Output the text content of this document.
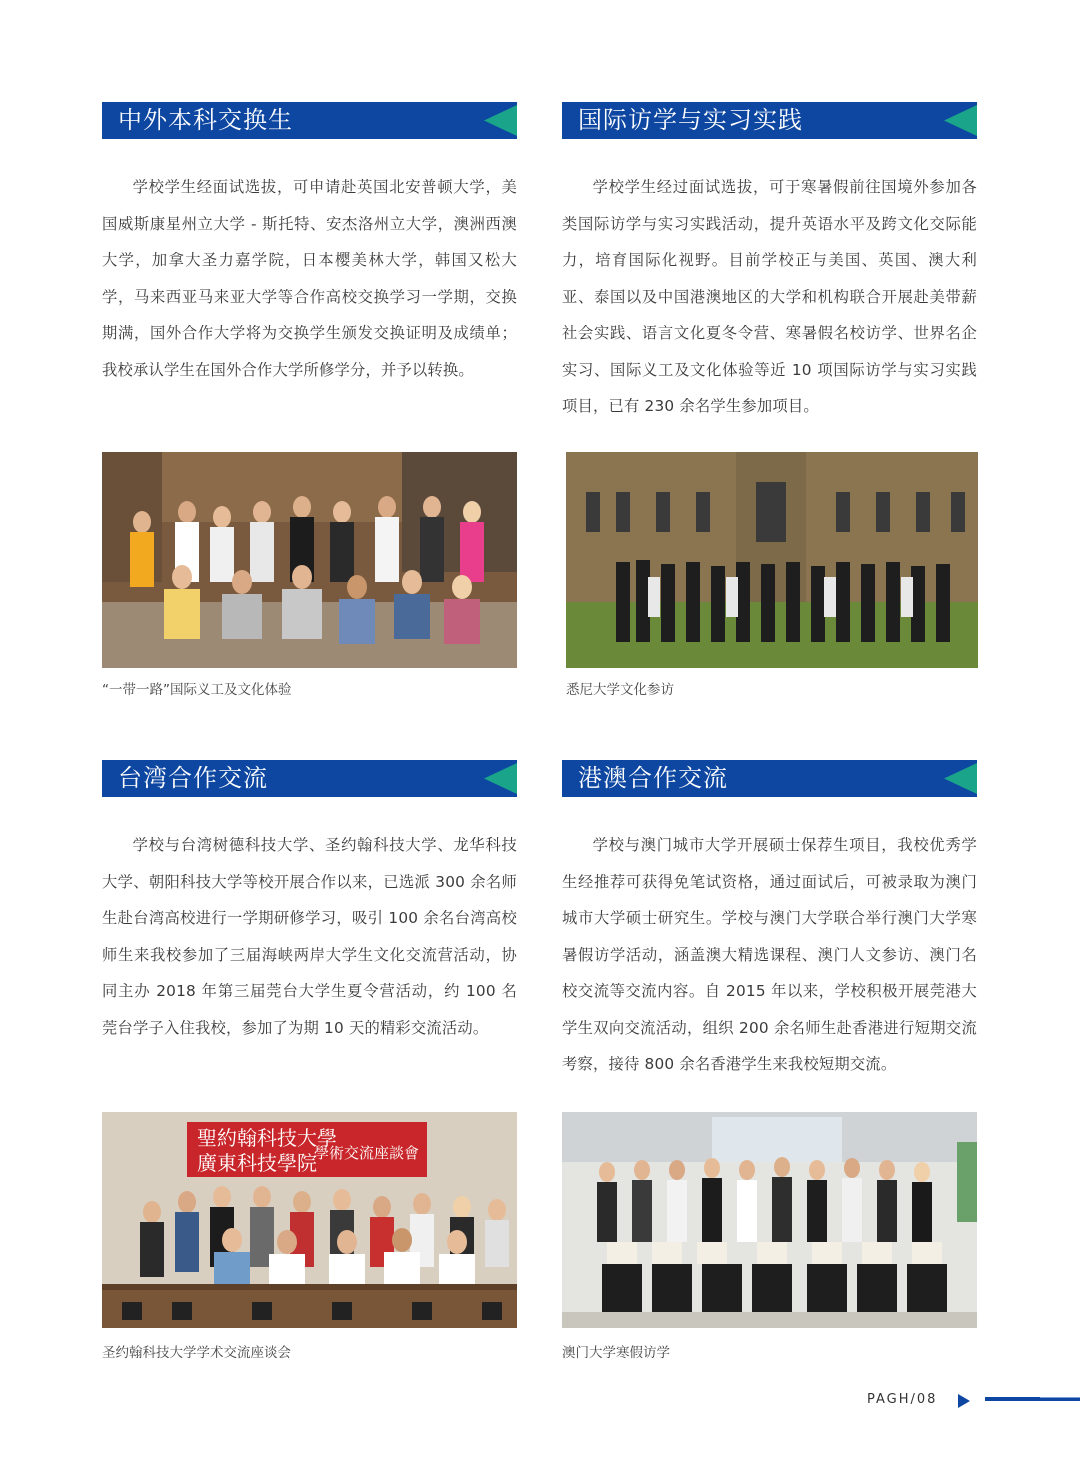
中外本科交换生

学校学生经面试选拔，可申请赴英国北安普顿大学，美国威斯康星州立大学 - 斯托特、安杰洛州立大学，澳洲西澳大学，加拿大圣力嘉学院，日本樱美林大学，韩国又松大学，马来西亚马来亚大学等合作高校交换学习一学期，交换期满，国外合作大学将为交换学生颁发交换证明及成绩单；我校承认学生在国外合作大学所修学分，并予以转换。

国际访学与实习实践

学校学生经过面试选拔，可于寒暑假前往国境外参加各类国际访学与实习实践活动，提升英语水平及跨文化交际能力，培育国际化视野。目前学校正与美国、英国、澳大利亚、泰国以及中国港澳地区的大学和机构联合开展赴美带薪社会实践、语言文化夏冬令营、寒暑假名校访学、世界名企实习、国际义工及文化体验等近 10 项国际访学与实习实践项目，已有 230 余名学生参加项目。

“一带一路”国际义工及文化体验	悉尼大学文化参访
台湾合作交流

学校与台湾树德科技大学、圣约翰科技大学、龙华科技大学、朝阳科技大学等校开展合作以来，已选派 300 余名师生赴台湾高校进行一学期研修学习，吸引 100 余名台湾高校师生来我校参加了三届海峡两岸大学生文化交流营活动，协同主办 2018 年第三届莞台大学生夏令营活动，约 100 名莞台学子入住我校，参加了为期 10 天的精彩交流活动。

港澳合作交流

学校与澳门城市大学开展硕士保荐生项目，我校优秀学生经推荐可获得免笔试资格，通过面试后，可被录取为澳门城市大学硕士研究生。学校与澳门大学联合举行澳门大学寒暑假访学活动，涵盖澳大精选课程、澳门人文参访、澳门名校交流等交流内容。自 2015 年以来，学校积极开展莞港大学生双向交流活动，组织 200 余名师生赴香港进行短期交流考察，接待 800 余名香港学生来我校短期交流。

聖約翰科技大學
廣東科技學院
學術交流座談會
圣约翰科技大学学术交流座谈会	澳门大学寒假访学
PAGH/08
